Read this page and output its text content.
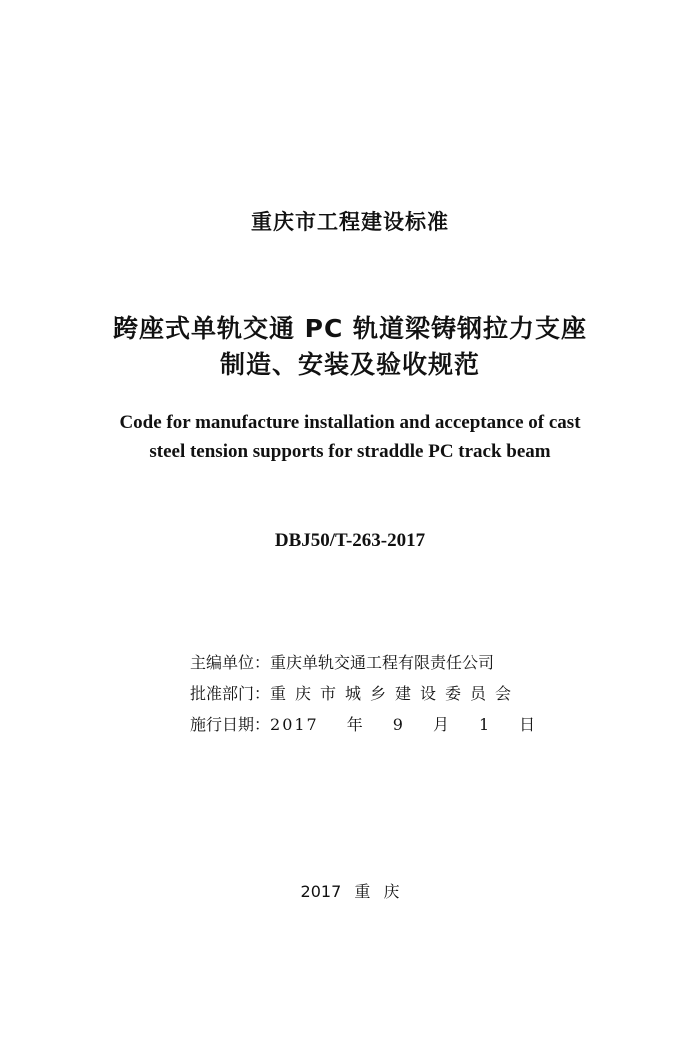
重庆市工程建设标准
跨座式单轨交通 PC 轨道梁铸钢拉力支座
制造、安装及验收规范
Code for manufacture installation and acceptance of cast
steel tension supports for straddle PC track beam
DBJ50/T-263-2017
主编单位：重庆单轨交通工程有限责任公司
批准部门：重庆市城乡建设委员会
施行日期：2017 年 9 月 1 日
2017 重 庆
